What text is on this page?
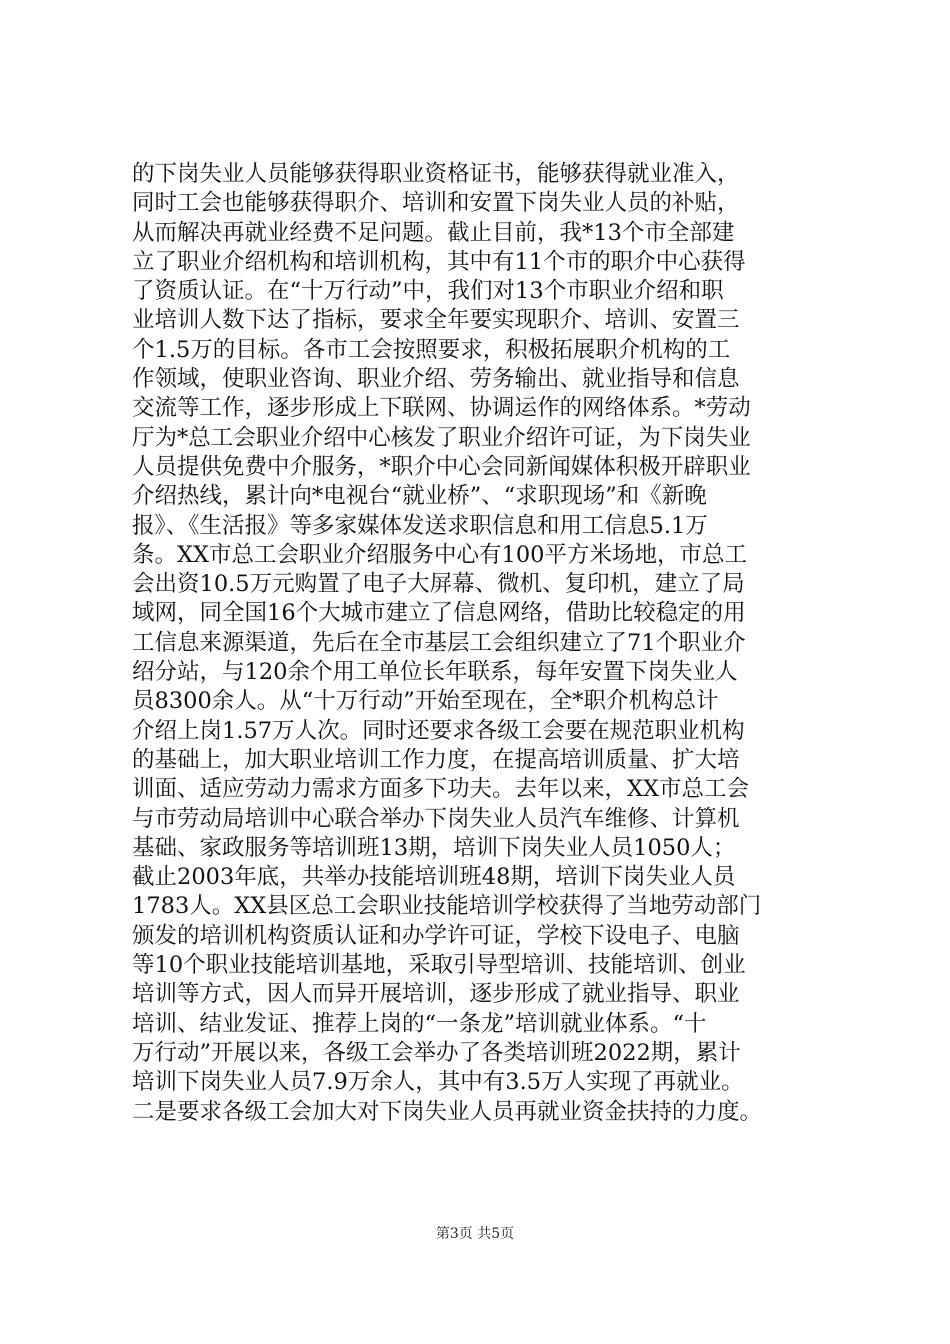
的下岗失业人员能够获得职业资格证书，能够获得就业准入，
同时工会也能够获得职介、培训和安置下岗失业人员的补贴，
从而解决再就业经费不足问题。截止目前，我*13个市全部建
立了职业介绍机构和培训机构，其中有11个市的职介中心获得
了资质认证。在“十万行动”中，我们对13个市职业介绍和职
业培训人数下达了指标，要求全年要实现职介、培训、安置三
个1.5万的目标。各市工会按照要求，积极拓展职介机构的工
作领域，使职业咨询、职业介绍、劳务输出、就业指导和信息
交流等工作，逐步形成上下联网、协调运作的网络体系。*劳动
厅为*总工会职业介绍中心核发了职业介绍许可证，为下岗失业
人员提供免费中介服务，*职介中心会同新闻媒体积极开辟职业
介绍热线，累计向*电视台“就业桥”、“求职现场”和《新晚
报》、《生活报》等多家媒体发送求职信息和用工信息5.1万
条。XX市总工会职业介绍服务中心有100平方米场地，市总工
会出资10.5万元购置了电子大屏幕、微机、复印机，建立了局
域网，同全国16个大城市建立了信息网络，借助比较稳定的用
工信息来源渠道，先后在全市基层工会组织建立了71个职业介
绍分站，与120余个用工单位长年联系，每年安置下岗失业人
员8300余人。从“十万行动”开始至现在，全*职介机构总计
介绍上岗1.57万人次。同时还要求各级工会要在规范职业机构
的基础上，加大职业培训工作力度，在提高培训质量、扩大培
训面、适应劳动力需求方面多下功夫。去年以来，XX市总工会
与市劳动局培训中心联合举办下岗失业人员汽车维修、计算机
基础、家政服务等培训班13期，培训下岗失业人员1050人；
截止2003年底，共举办技能培训班48期，培训下岗失业人员
1783人。XX县区总工会职业技能培训学校获得了当地劳动部门
颁发的培训机构资质认证和办学许可证，学校下设电子、电脑
等10个职业技能培训基地，采取引导型培训、技能培训、创业
培训等方式，因人而异开展培训，逐步形成了就业指导、职业
培训、结业发证、推荐上岗的“一条龙”培训就业体系。“十
万行动”开展以来，各级工会举办了各类培训班2022期，累计
培训下岗失业人员7.9万余人，其中有3.5万人实现了再就业。
二是要求各级工会加大对下岗失业人员再就业资金扶持的力度。
第3页 共5页
